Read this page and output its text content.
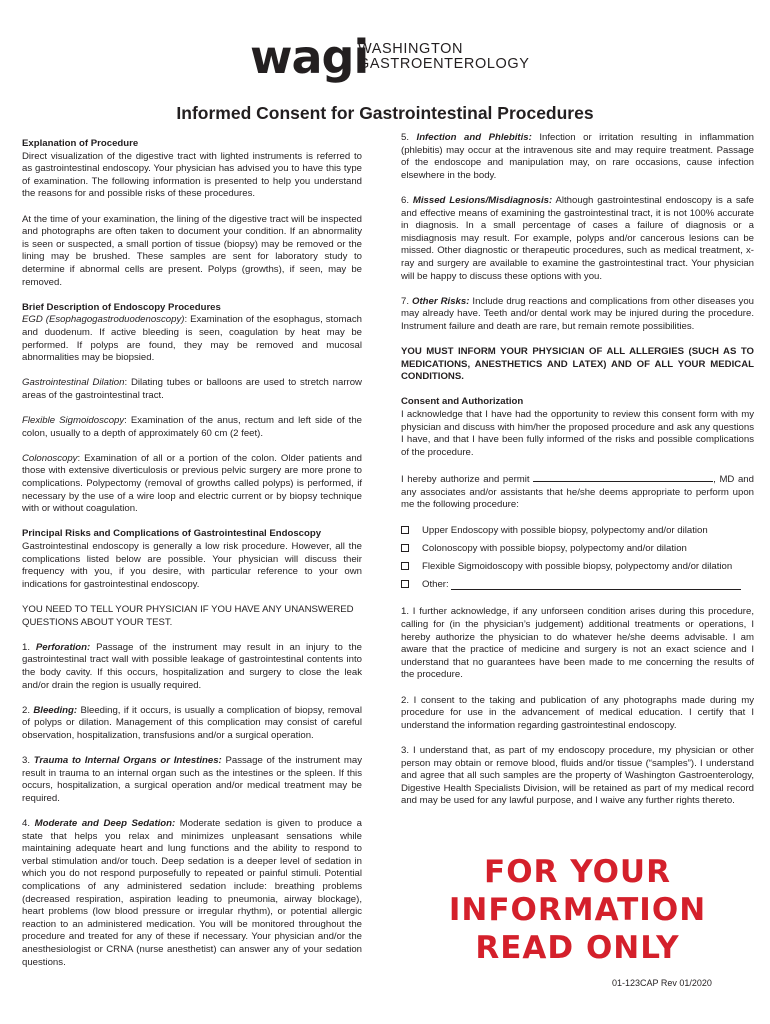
wagi
WASHINGTON
GASTROENTEROLOGY
Informed Consent for Gastrointestinal Procedures
Explanation of Procedure
Direct visualization of the digestive tract with lighted instruments is referred to as gastrointestinal endoscopy. Your physician has advised you to have this type of examination. The following information is presented to help you understand the reasons for and possible risks of these procedures.
At the time of your examination, the lining of the digestive tract will be inspected and photographs are often taken to document your condition. If an abnormality is seen or suspected, a small portion of tissue (biopsy) may be removed or the lining may be brushed. These samples are sent for laboratory study to determine if abnormal cells are present. Polyps (growths), if seen, may be removed.
Brief Description of Endoscopy Procedures
EGD (Esophagogastroduodenoscopy): Examination of the esophagus, stomach and duodenum. If active bleeding is seen, coagulation by heat may be performed. If polyps are found, they may be removed and mucosal abnormalities may be biopsied.
Gastrointestinal Dilation: Dilating tubes or balloons are used to stretch narrow areas of the gastrointestinal tract.
Flexible Sigmoidoscopy: Examination of the anus, rectum and left side of the colon, usually to a depth of approximately 60 cm (2 feet).
Colonoscopy: Examination of all or a portion of the colon. Older patients and those with extensive diverticulosis or previous pelvic surgery are more prone to complications. Polypectomy (removal of growths called polyps) is performed, if necessary by the use of a wire loop and electric current or by biopsy technique with or without coagulation.
Principal Risks and Complications of Gastrointestinal Endoscopy
Gastrointestinal endoscopy is generally a low risk procedure. However, all the complications listed below are possible. Your physician will discuss their frequency with you, if you desire, with particular reference to your own indications for gastrointestinal endoscopy.
YOU NEED TO TELL YOUR PHYSICIAN IF YOU HAVE ANY UNANSWERED QUESTIONS ABOUT YOUR TEST.
1. Perforation: Passage of the instrument may result in an injury to the gastrointestinal tract wall with possible leakage of gastrointestinal contents into the body cavity. If this occurs, hospitalization and surgery to close the leak and/or drain the region is usually required.
2. Bleeding: Bleeding, if it occurs, is usually a complication of biopsy, removal of polyps or dilation. Management of this complication may consist of careful observation, hospitalization, transfusions and/or a surgical operation.
3. Trauma to Internal Organs or Intestines: Passage of the instrument may result in trauma to an internal organ such as the intestines or the spleen. If this occurs, hospitalization, a surgical operation and/or medical treatment may be required.
4. Moderate and Deep Sedation: Moderate sedation is given to produce a state that helps you relax and minimizes unpleasant sensations while maintaining adequate heart and lung functions and the ability to respond to verbal stimulation and/or touch. Deep sedation is a deeper level of sedation in which you do not respond purposefully to repeated or painful stimuli. Potential complications of any administered sedation include: breathing problems (decreased respiration, aspiration leading to pneumonia, airway blockage), heart problems (low blood pressure or irregular rhythm), or potential allergic reaction to an administered medication. You will be monitored throughout the procedure and treated for any of these if necessary. Your physician and/or the anesthesiologist or CRNA (nurse anesthetist) can answer any of your sedation questions.
5. Infection and Phlebitis: Infection or irritation resulting in inflammation (phlebitis) may occur at the intravenous site and may require treatment. Passage of the endoscope and manipulation may, on rare occasions, cause infection elsewhere in the body.
6. Missed Lesions/Misdiagnosis: Although gastrointestinal endoscopy is a safe and effective means of examining the gastrointestinal tract, it is not 100% accurate in diagnosis. In a small percentage of cases a failure of diagnosis or a misdiagnosis may result. For example, polyps and/or cancerous lesions can be missed. Other diagnostic or therapeutic procedures, such as medical treatment, x-ray and surgery are available to examine the gastrointestinal tract. Your physician will be happy to discuss these options with you.
7. Other Risks: Include drug reactions and complications from other diseases you may already have. Teeth and/or dental work may be injured during the procedure. Instrument failure and death are rare, but remain remote possibilities.
YOU MUST INFORM YOUR PHYSICIAN OF ALL ALLERGIES (SUCH AS TO MEDICATIONS, ANESTHETICS AND LATEX) AND OF ALL YOUR MEDICAL CONDITIONS.
Consent and Authorization
I acknowledge that I have had the opportunity to review this consent form with my physician and discuss with him/her the proposed procedure and ask any questions I have, and that I have been fully informed of the risks and possible complications of the procedure.
I hereby authorize and permit	, MD and any associates and/or assistants that he/she deems appropriate to perform upon me the following procedure:
Upper Endoscopy with possible biopsy, polypectomy and/or dilation
Colonoscopy with possible biopsy, polypectomy and/or dilation
Flexible Sigmoidoscopy with possible biopsy, polypectomy and/or dilation
Other:

1. I further acknowledge, if any unforseen condition arises during this procedure, calling for (in the physician’s judgement) additional treatments or operations, I hereby authorize the physician to do whatever he/she deems advisable. I am aware that the practice of medicine and surgery is not an exact science and I understand that no guarantees have been made to me concerning the results of the procedure.
2. I consent to the taking and publication of any photographs made during my procedure for use in the advancement of medical education. I certify that I understand the information regarding gastrointestinal endoscopy.
3. I understand that, as part of my endoscopy procedure, my physician or other person may obtain or remove blood, fluids and/or tissue (“samples”). I understand and agree that all such samples are the property of Washington Gastroenterology, Digestive Health Specialists Division, will be retained as part of my medical record and may be used for any lawful purpose, and I waive any further rights thereto.
FOR YOUR
INFORMATION
READ ONLY
01-123CAP Rev 01/2020
